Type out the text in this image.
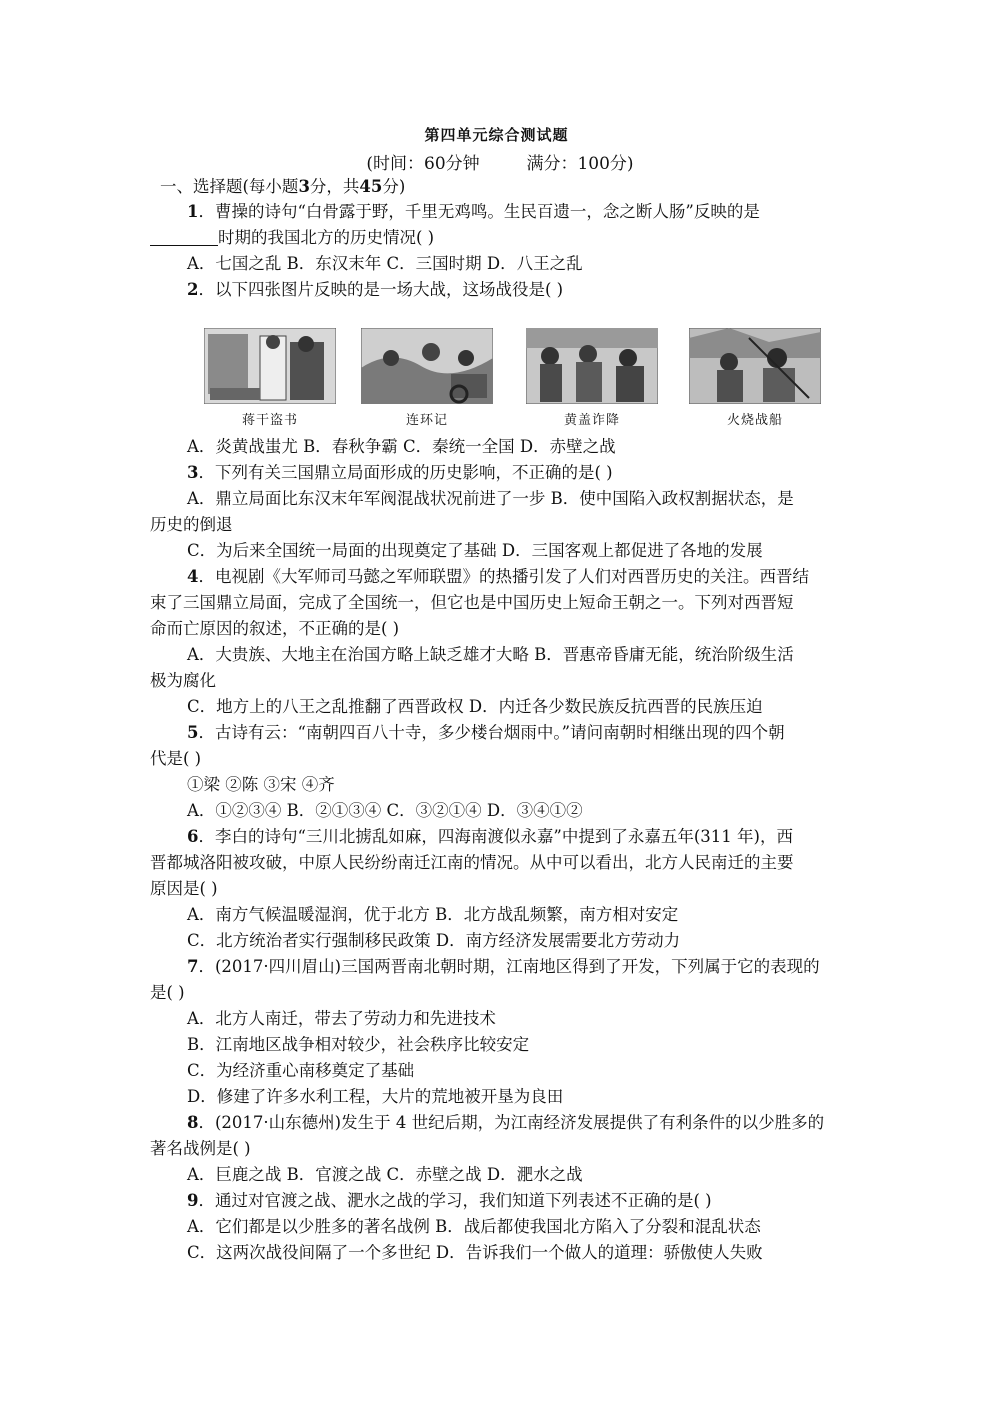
第四单元综合测试题
(时间：60分钟	满分：100分)
一、选择题(每小题3分，共45分)
1．曹操的诗句“白骨露于野，千里无鸡鸣。生民百遗一，念之断人肠”反映的是
时期的我国北方的历史情况( )
A．七国之乱 B．东汉末年 C．三国时期 D．八王之乱
2．以下四张图片反映的是一场大战，这场战役是( )
蒋干盗书	连环记	黄盖诈降	火烧战船
A．炎黄战蚩尤 B．春秋争霸 C．秦统一全国 D．赤壁之战
3．下列有关三国鼎立局面形成的历史影响，不正确的是( )
A．鼎立局面比东汉末年军阀混战状况前进了一步 B．使中国陷入政权割据状态，是
历史的倒退
C．为后来全国统一局面的出现奠定了基础 D．三国客观上都促进了各地的发展
4．电视剧《大军师司马懿之军师联盟》的热播引发了人们对西晋历史的关注。西晋结
束了三国鼎立局面，完成了全国统一，但它也是中国历史上短命王朝之一。下列对西晋短
命而亡原因的叙述，不正确的是( )
A．大贵族、大地主在治国方略上缺乏雄才大略 B．晋惠帝昏庸无能，统治阶级生活
极为腐化
C．地方上的八王之乱推翻了西晋政权 D．内迁各少数民族反抗西晋的民族压迫
5．古诗有云：“南朝四百八十寺，多少楼台烟雨中。”请问南朝时相继出现的四个朝
代是( )
①梁 ②陈 ③宋 ④齐
A．①②③④ B．②①③④ C．③②①④ D．③④①②
6．李白的诗句“三川北掳乱如麻，四海南渡似永嘉”中提到了永嘉五年(311 年)，西
晋都城洛阳被攻破，中原人民纷纷南迁江南的情况。从中可以看出，北方人民南迁的主要
原因是( )
A．南方气候温暖湿润，优于北方 B．北方战乱频繁，南方相对安定
C．北方统治者实行强制移民政策 D．南方经济发展需要北方劳动力
7．(2017·四川眉山)三国两晋南北朝时期，江南地区得到了开发，下列属于它的表现的
是( )
A．北方人南迁，带去了劳动力和先进技术
B．江南地区战争相对较少，社会秩序比较安定
C．为经济重心南移奠定了基础
D．修建了许多水利工程，大片的荒地被开垦为良田
8．(2017·山东德州)发生于 4 世纪后期，为江南经济发展提供了有利条件的以少胜多的
著名战例是( )
A．巨鹿之战 B．官渡之战 C．赤壁之战 D．淝水之战
9．通过对官渡之战、淝水之战的学习，我们知道下列表述不正确的是( )
A．它们都是以少胜多的著名战例 B．战后都使我国北方陷入了分裂和混乱状态
C．这两次战役间隔了一个多世纪 D．告诉我们一个做人的道理：骄傲使人失败
